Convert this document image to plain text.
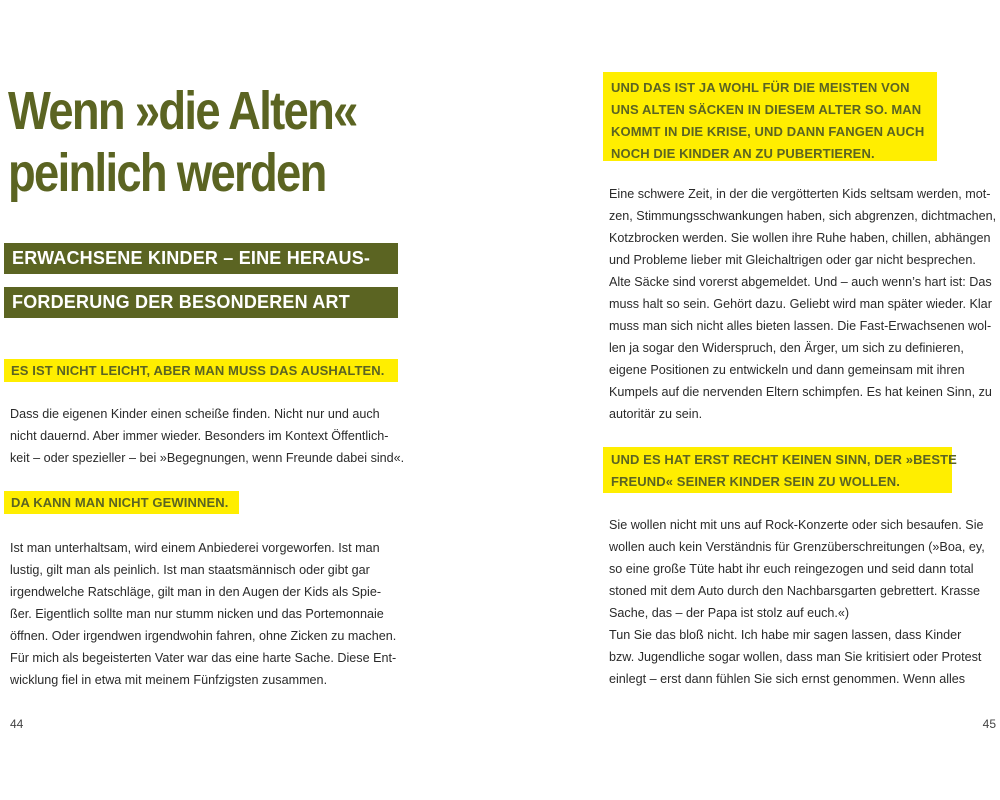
Wenn »die Alten«
peinlich werden
ERWACHSENE KINDER – EINE HERAUS-
FORDERUNG DER BESONDEREN ART
ES IST NICHT LEICHT, ABER MAN MUSS DAS AUSHALTEN.
Dass die eigenen Kinder einen scheiße finden. Nicht nur und auch
nicht dauernd. Aber immer wieder. Besonders im Kontext Öffentlich-
keit – oder spezieller – bei »Begegnungen, wenn Freunde dabei sind«.
DA KANN MAN NICHT GEWINNEN.
Ist man unterhaltsam, wird einem Anbiederei vorgeworfen. Ist man
lustig, gilt man als peinlich. Ist man staatsmännisch oder gibt gar
irgendwelche Ratschläge, gilt man in den Augen der Kids als Spie-
ßer. Eigentlich sollte man nur stumm nicken und das Portemonnaie
öffnen. Oder irgendwen irgendwohin fahren, ohne Zicken zu machen.
Für mich als begeisterten Vater war das eine harte Sache. Diese Ent-
wicklung fiel in etwa mit meinem Fünfzigsten zusammen.
44
UND DAS IST JA WOHL FÜR DIE MEISTEN VON
UNS ALTEN SÄCKEN IN DIESEM ALTER SO. MAN
KOMMT IN DIE KRISE, UND DANN FANGEN AUCH
NOCH DIE KINDER AN ZU PUBERTIEREN.
Eine schwere Zeit, in der die vergötterten Kids seltsam werden, mot-
zen, Stimmungsschwankungen haben, sich abgrenzen, dichtmachen,
Kotzbrocken werden. Sie wollen ihre Ruhe haben, chillen, abhängen
und Probleme lieber mit Gleichaltrigen oder gar nicht besprechen.
Alte Säcke sind vorerst abgemeldet. Und – auch wenn’s hart ist: Das
muss halt so sein. Gehört dazu. Geliebt wird man später wieder. Klar
muss man sich nicht alles bieten lassen. Die Fast-Erwachsenen wol-
len ja sogar den Widerspruch, den Ärger, um sich zu definieren,
eigene Positionen zu entwickeln und dann gemeinsam mit ihren
Kumpels auf die nervenden Eltern schimpfen. Es hat keinen Sinn, zu
autoritär zu sein.
UND ES HAT ERST RECHT KEINEN SINN, DER »BESTE
FREUND« SEINER KINDER SEIN ZU WOLLEN.
Sie wollen nicht mit uns auf Rock-Konzerte oder sich besaufen. Sie
wollen auch kein Verständnis für Grenzüberschreitungen (»Boa, ey,
so eine große Tüte habt ihr euch reingezogen und seid dann total
stoned mit dem Auto durch den Nachbarsgarten gebrettert. Krasse
Sache, das – der Papa ist stolz auf euch.«)
Tun Sie das bloß nicht. Ich habe mir sagen lassen, dass Kinder
bzw. Jugendliche sogar wollen, dass man Sie kritisiert oder Protest
einlegt – erst dann fühlen Sie sich ernst genommen. Wenn alles
45
